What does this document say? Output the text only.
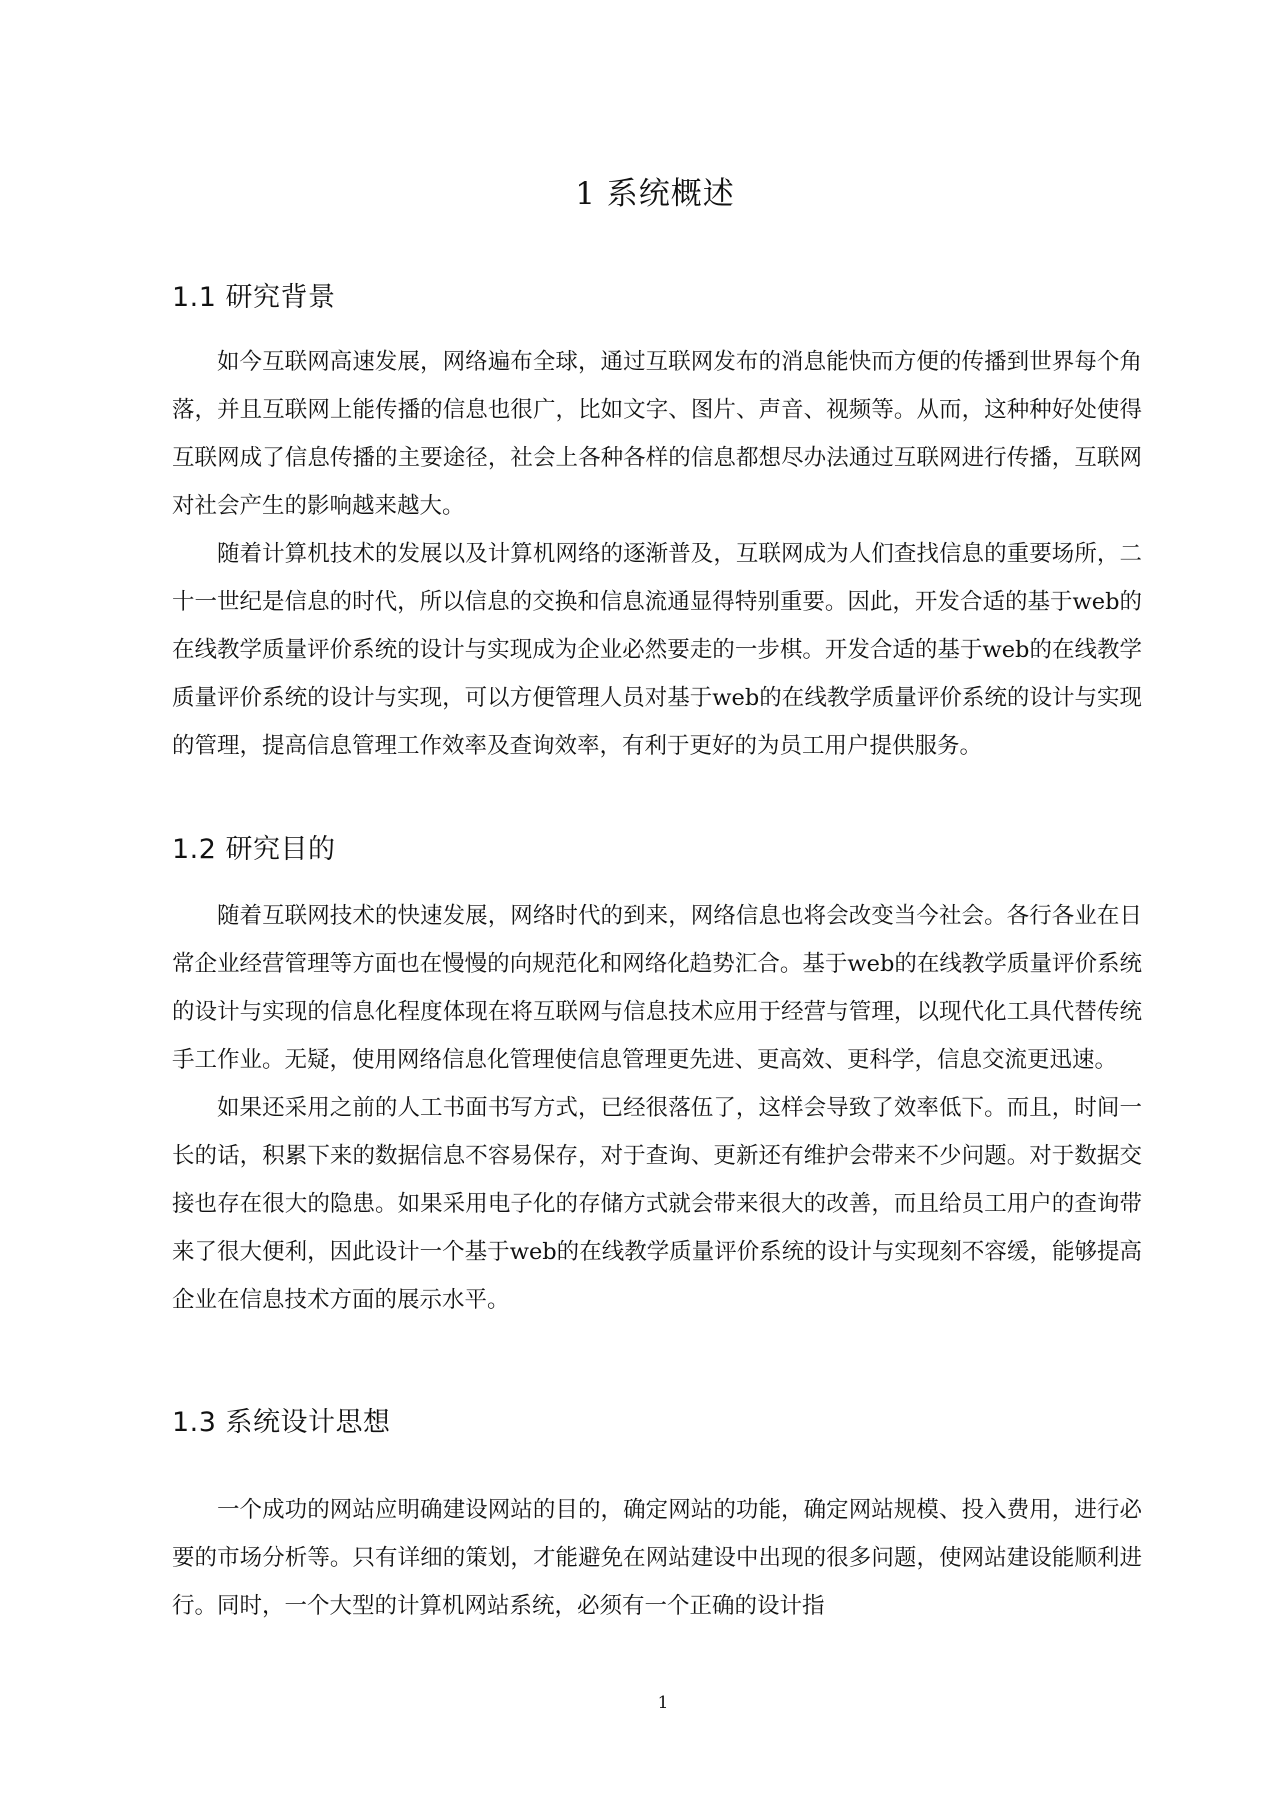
1 系统概述
1.1 研究背景

如今互联网高速发展，网络遍布全球，通过互联网发布的消息能快而方便的传播到世界每个角落，并且互联网上能传播的信息也很广，比如文字、图片、声音、视频等。从而，这种种好处使得互联网成了信息传播的主要途径，社会上各种各样的信息都想尽办法通过互联网进行传播，互联网对社会产生的影响越来越大。

随着计算机技术的发展以及计算机网络的逐渐普及，互联网成为人们查找信息的重要场所，二十一世纪是信息的时代，所以信息的交换和信息流通显得特别重要。因此，开发合适的基于web的在线教学质量评价系统的设计与实现成为企业必然要走的一步棋。开发合适的基于web的在线教学质量评价系统的设计与实现，可以方便管理人员对基于web的在线教学质量评价系统的设计与实现的管理，提高信息管理工作效率及查询效率，有利于更好的为员工用户提供服务。

1.2 研究目的

随着互联网技术的快速发展，网络时代的到来，网络信息也将会改变当今社会。各行各业在日常企业经营管理等方面也在慢慢的向规范化和网络化趋势汇合。基于web的在线教学质量评价系统的设计与实现的信息化程度体现在将互联网与信息技术应用于经营与管理，以现代化工具代替传统手工作业。无疑，使用网络信息化管理使信息管理更先进、更高效、更科学，信息交流更迅速。

如果还采用之前的人工书面书写方式，已经很落伍了，这样会导致了效率低下。而且，时间一长的话，积累下来的数据信息不容易保存，对于查询、更新还有维护会带来不少问题。对于数据交接也存在很大的隐患。如果采用电子化的存储方式就会带来很大的改善，而且给员工用户的查询带来了很大便利，因此设计一个基于web的在线教学质量评价系统的设计与实现刻不容缓，能够提高企业在信息技术方面的展示水平。

1.3 系统设计思想

一个成功的网站应明确建设网站的目的，确定网站的功能，确定网站规模、投入费用，进行必要的市场分析等。只有详细的策划，才能避免在网站建设中出现的很多问题，使网站建设能顺利进行。同时，一个大型的计算机网站系统，必须有一个正确的设计指

1
